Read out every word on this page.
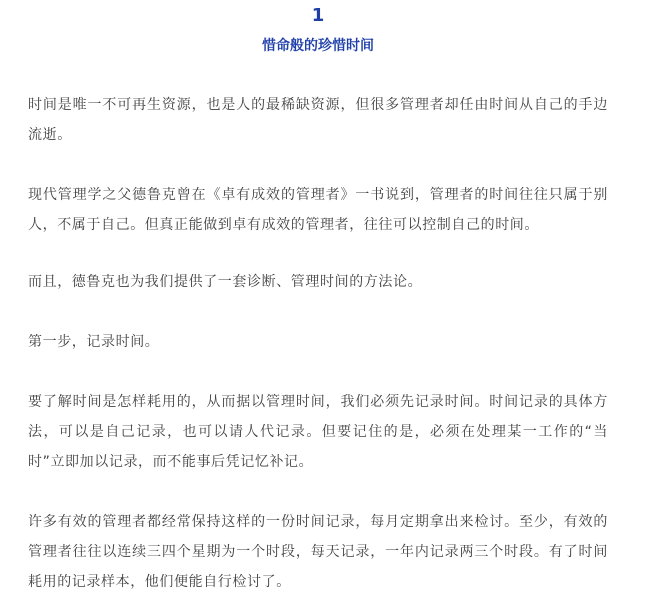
1
惜命般的珍惜时间

时间是唯一不可再生资源，也是人的最稀缺资源，但很多管理者却任由时间从自己的手边流逝。

现代管理学之父德鲁克曾在《卓有成效的管理者》一书说到，管理者的时间往往只属于别人，不属于自己。但真正能做到卓有成效的管理者，往往可以控制自己的时间。

而且，德鲁克也为我们提供了一套诊断、管理时间的方法论。

第一步，记录时间。

要了解时间是怎样耗用的，从而据以管理时间，我们必须先记录时间。时间记录的具体方法，可以是自己记录，也可以请人代记录。但要记住的是，必须在处理某一工作的“当时”立即加以记录，而不能事后凭记忆补记。

许多有效的管理者都经常保持这样的一份时间记录，每月定期拿出来检讨。至少，有效的管理者往往以连续三四个星期为一个时段，每天记录，一年内记录两三个时段。有了时间耗用的记录样本，他们便能自行检讨了。
